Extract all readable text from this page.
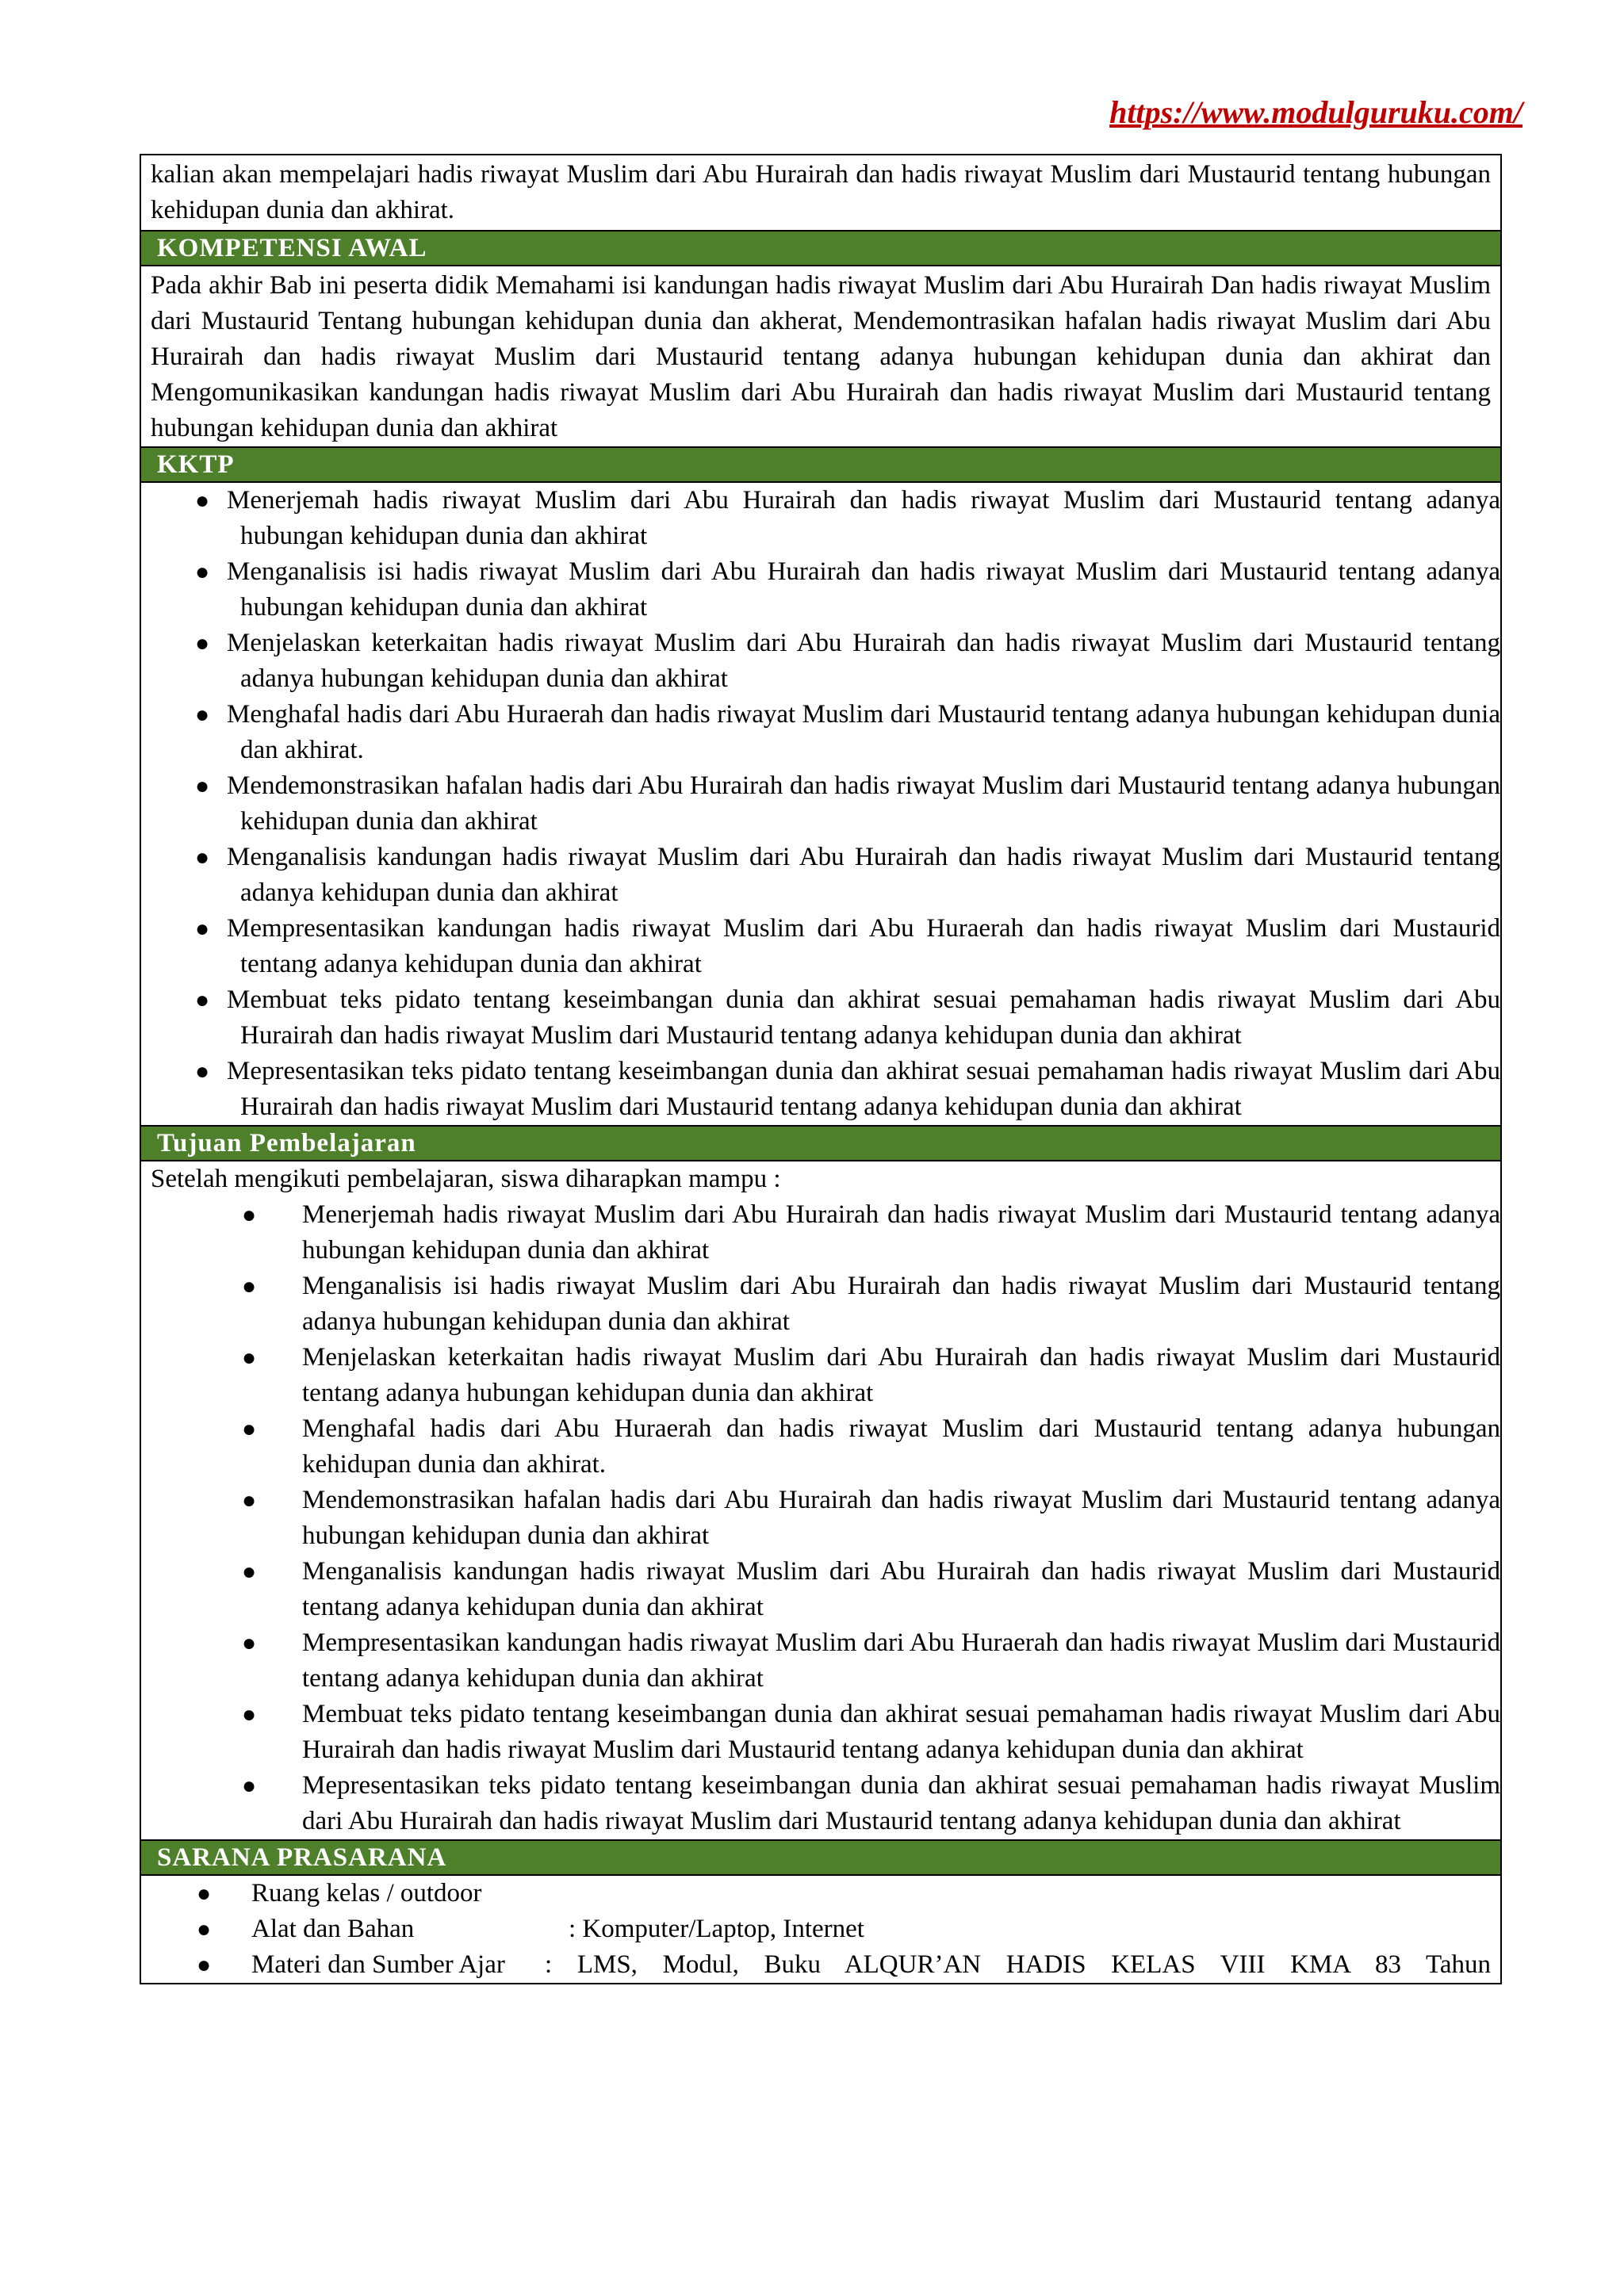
https://www.modulguruku.com/
kalian akan mempelajari hadis riwayat Muslim dari Abu Hurairah dan hadis riwayat Muslim dari Mustaurid tentang hubungan kehidupan dunia dan akhirat.
KOMPETENSI AWAL
Pada akhir Bab ini peserta didik Memahami isi kandungan hadis riwayat Muslim dari Abu Hurairah Dan hadis riwayat Muslim dari Mustaurid Tentang hubungan kehidupan dunia dan akherat, Mendemontrasikan hafalan hadis riwayat Muslim dari Abu Hurairah dan hadis riwayat Muslim dari Mustaurid tentang adanya hubungan kehidupan dunia dan akhirat dan Mengomunikasikan kandungan hadis riwayat Muslim dari Abu Hurairah dan hadis riwayat Muslim dari Mustaurid tentang hubungan kehidupan dunia dan akhirat
KKTP
● Menerjemah hadis riwayat Muslim dari Abu Hurairah dan hadis riwayat Muslim dari Mustaurid tentang adanya hubungan kehidupan dunia dan akhirat
● Menganalisis isi hadis riwayat Muslim dari Abu Hurairah dan hadis riwayat Muslim dari Mustaurid tentang adanya hubungan kehidupan dunia dan akhirat
● Menjelaskan keterkaitan hadis riwayat Muslim dari Abu Hurairah dan hadis riwayat Muslim dari Mustaurid tentang adanya hubungan kehidupan dunia dan akhirat
● Menghafal hadis dari Abu Huraerah dan hadis riwayat Muslim dari Mustaurid tentang adanya hubungan kehidupan dunia dan akhirat.
● Mendemonstrasikan hafalan hadis dari Abu Hurairah dan hadis riwayat Muslim dari Mustaurid tentang adanya hubungan kehidupan dunia dan akhirat
● Menganalisis kandungan hadis riwayat Muslim dari Abu Hurairah dan hadis riwayat Muslim dari Mustaurid tentang adanya kehidupan dunia dan akhirat
● Mempresentasikan kandungan hadis riwayat Muslim dari Abu Huraerah dan hadis riwayat Muslim dari Mustaurid tentang adanya kehidupan dunia dan akhirat
● Membuat teks pidato tentang keseimbangan dunia dan akhirat sesuai pemahaman hadis riwayat Muslim dari Abu Hurairah dan hadis riwayat Muslim dari Mustaurid tentang adanya kehidupan dunia dan akhirat
● Mepresentasikan teks pidato tentang keseimbangan dunia dan akhirat sesuai pemahaman hadis riwayat Muslim dari Abu Hurairah dan hadis riwayat Muslim dari Mustaurid tentang adanya kehidupan dunia dan akhirat
Tujuan Pembelajaran
Setelah mengikuti pembelajaran, siswa diharapkan mampu :
● Menerjemah hadis riwayat Muslim dari Abu Hurairah dan hadis riwayat Muslim dari Mustaurid tentang adanya hubungan kehidupan dunia dan akhirat
● Menganalisis isi hadis riwayat Muslim dari Abu Hurairah dan hadis riwayat Muslim dari Mustaurid tentang adanya hubungan kehidupan dunia dan akhirat
● Menjelaskan keterkaitan hadis riwayat Muslim dari Abu Hurairah dan hadis riwayat Muslim dari Mustaurid tentang adanya hubungan kehidupan dunia dan akhirat
● Menghafal hadis dari Abu Huraerah dan hadis riwayat Muslim dari Mustaurid tentang adanya hubungan kehidupan dunia dan akhirat.
● Mendemonstrasikan hafalan hadis dari Abu Hurairah dan hadis riwayat Muslim dari Mustaurid tentang adanya hubungan kehidupan dunia dan akhirat
● Menganalisis kandungan hadis riwayat Muslim dari Abu Hurairah dan hadis riwayat Muslim dari Mustaurid tentang adanya kehidupan dunia dan akhirat
● Mempresentasikan kandungan hadis riwayat Muslim dari Abu Huraerah dan hadis riwayat Muslim dari Mustaurid tentang adanya kehidupan dunia dan akhirat
● Membuat teks pidato tentang keseimbangan dunia dan akhirat sesuai pemahaman hadis riwayat Muslim dari Abu Hurairah dan hadis riwayat Muslim dari Mustaurid tentang adanya kehidupan dunia dan akhirat
● Mepresentasikan teks pidato tentang keseimbangan dunia dan akhirat sesuai pemahaman hadis riwayat Muslim dari Abu Hurairah dan hadis riwayat Muslim dari Mustaurid tentang adanya kehidupan dunia dan akhirat
SARANA PRASARANA
● Ruang kelas / outdoor
● Alat dan Bahan	: Komputer/Laptop, Internet
● Materi dan Sumber Ajar	: LMS, Modul, Buku ALQUR’AN HADIS KELAS VIII KMA 83 Tahun
